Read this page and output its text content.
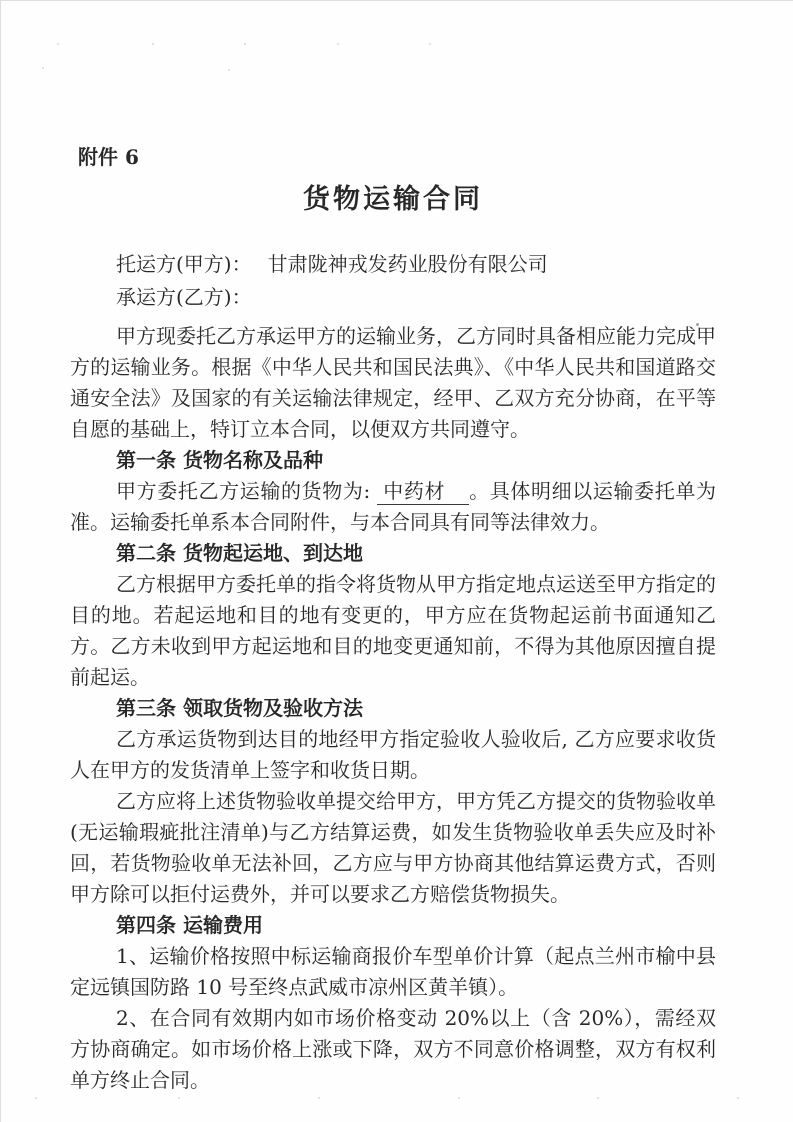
附件 6
货物运输合同
托运方(甲方)： 甘肃陇神戎发药业股份有限公司
承运方(乙方)：

甲方现委托乙方承运甲方的运输业务，乙方同时具备相应能力完成甲方的运输业务。根据《中华人民共和国民法典》、《中华人民共和国道路交通安全法》及国家的有关运输法律规定，经甲、乙双方充分协商，在平等自愿的基础上，特订立本合同，以便双方共同遵守。

第一条 货物名称及品种

甲方委托乙方运输的货物为: 中药材 。具体明细以运输委托单为准。运输委托单系本合同附件，与本合同具有同等法律效力。

第二条 货物起运地、到达地

乙方根据甲方委托单的指令将货物从甲方指定地点运送至甲方指定的目的地。若起运地和目的地有变更的，甲方应在货物起运前书面通知乙方。乙方未收到甲方起运地和目的地变更通知前，不得为其他原因擅自提前起运。

第三条 领取货物及验收方法

乙方承运货物到达目的地经甲方指定验收人验收后, 乙方应要求收货人在甲方的发货清单上签字和收货日期。

乙方应将上述货物验收单提交给甲方，甲方凭乙方提交的货物验收单(无运输瑕疵批注清单)与乙方结算运费，如发生货物验收单丢失应及时补回，若货物验收单无法补回，乙方应与甲方协商其他结算运费方式，否则甲方除可以拒付运费外，并可以要求乙方赔偿货物损失。

第四条 运输费用

1、运输价格按照中标运输商报价车型单价计算（起点兰州市榆中县定远镇国防路 10 号至终点武威市凉州区黄羊镇）。

2、在合同有效期内如市场价格变动 20%以上（含 20%），需经双方协商确定。如市场价格上涨或下降，双方不同意价格调整，双方有权利单方终止合同。
